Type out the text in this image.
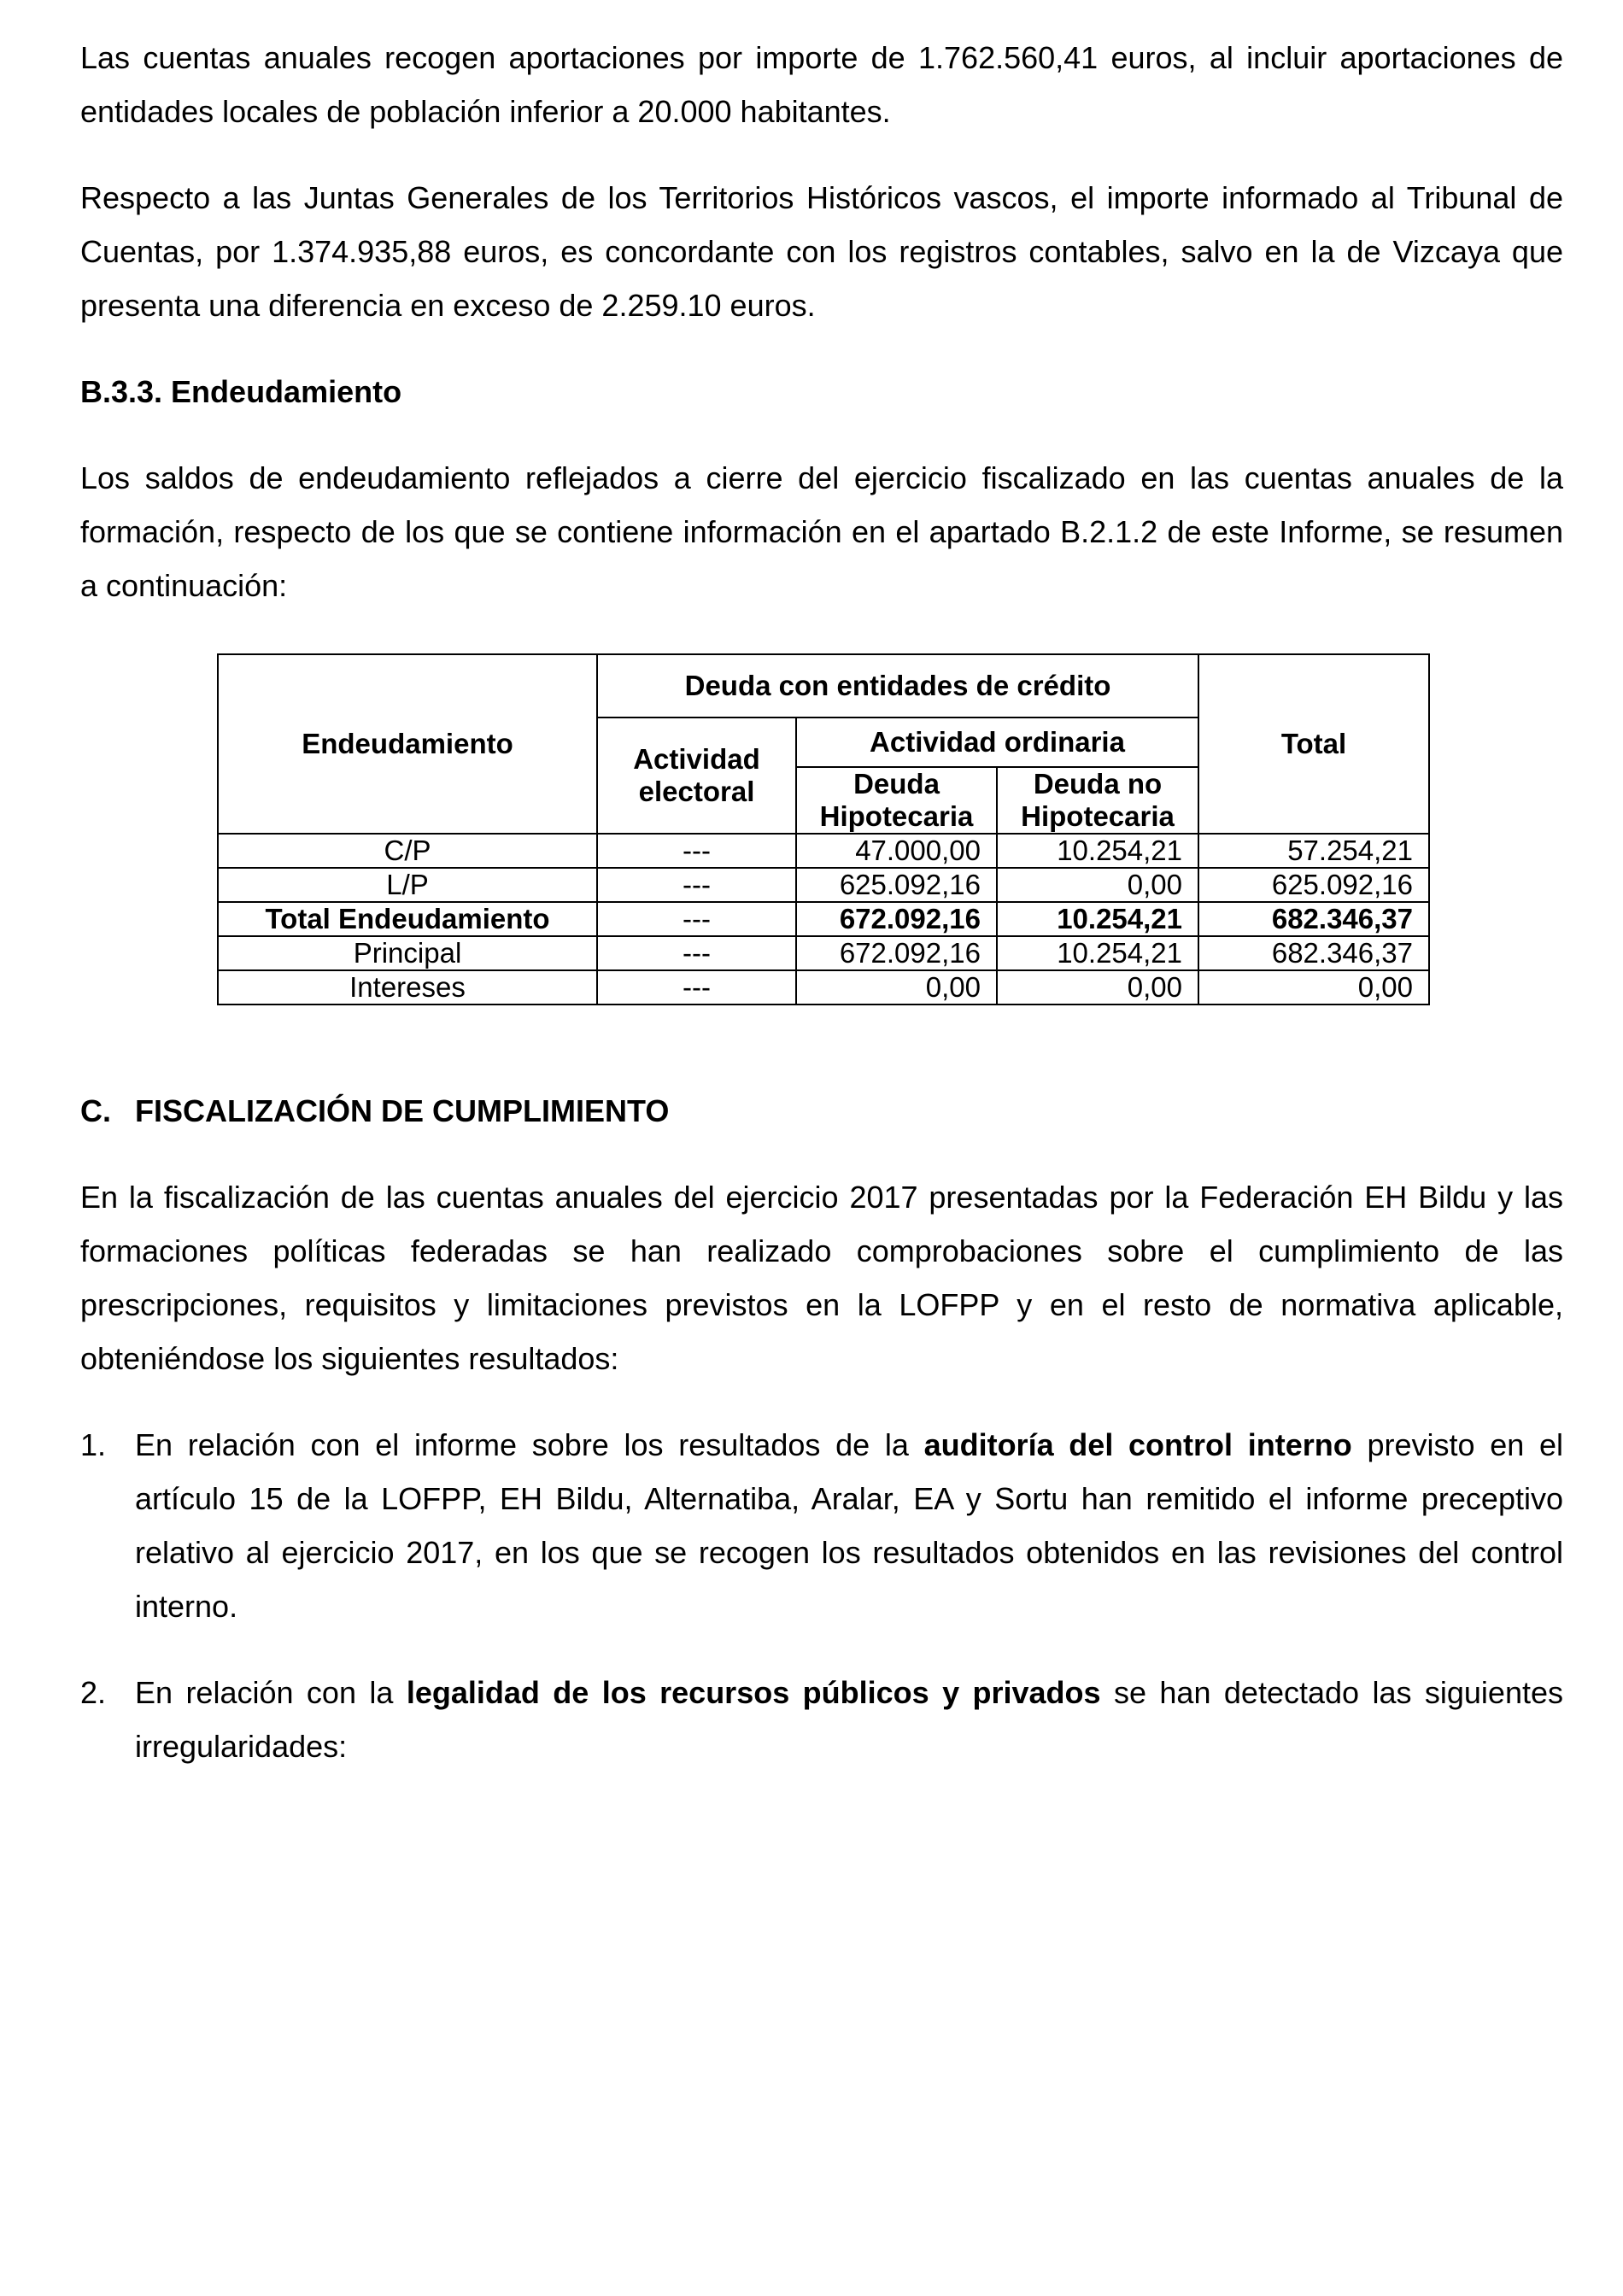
Las cuentas anuales recogen aportaciones por importe de 1.762.560,41 euros, al incluir aportaciones de entidades locales de población inferior a 20.000 habitantes.

Respecto a las Juntas Generales de los Territorios Históricos vascos, el importe informado al Tribunal de Cuentas, por 1.374.935,88 euros, es concordante con los registros contables, salvo en la de Vizcaya que presenta una diferencia en exceso de 2.259.10 euros.

B.3.3. Endeudamiento

Los saldos de endeudamiento reflejados a cierre del ejercicio fiscalizado en las cuentas anuales de la formación, respecto de los que se contiene información en el apartado B.2.1.2 de este Informe, se resumen a continuación:

Endeudamiento	Deuda con entidades de crédito			Total
	Actividad electoral	Actividad ordinaria		
		Deuda Hipotecaria	Deuda no Hipotecaria	
C/P	---	47.000,00	10.254,21	57.254,21
L/P	---	625.092,16	0,00	625.092,16
Total Endeudamiento	---	672.092,16	10.254,21	682.346,37
Principal	---	672.092,16	10.254,21	682.346,37
Intereses	---	0,00	0,00	0,00
C. FISCALIZACIÓN DE CUMPLIMIENTO

En la fiscalización de las cuentas anuales del ejercicio 2017 presentadas por la Federación EH Bildu y las formaciones políticas federadas se han realizado comprobaciones sobre el cumplimiento de las prescripciones, requisitos y limitaciones previstos en la LOFPP y en el resto de normativa aplicable, obteniéndose los siguientes resultados:

1. En relación con el informe sobre los resultados de la auditoría del control interno previsto en el artículo 15 de la LOFPP, EH Bildu, Alternatiba, Aralar, EA y Sortu han remitido el informe preceptivo relativo al ejercicio 2017, en los que se recogen los resultados obtenidos en las revisiones del control interno.
2. En relación con la legalidad de los recursos públicos y privados se han detectado las siguientes irregularidades:
